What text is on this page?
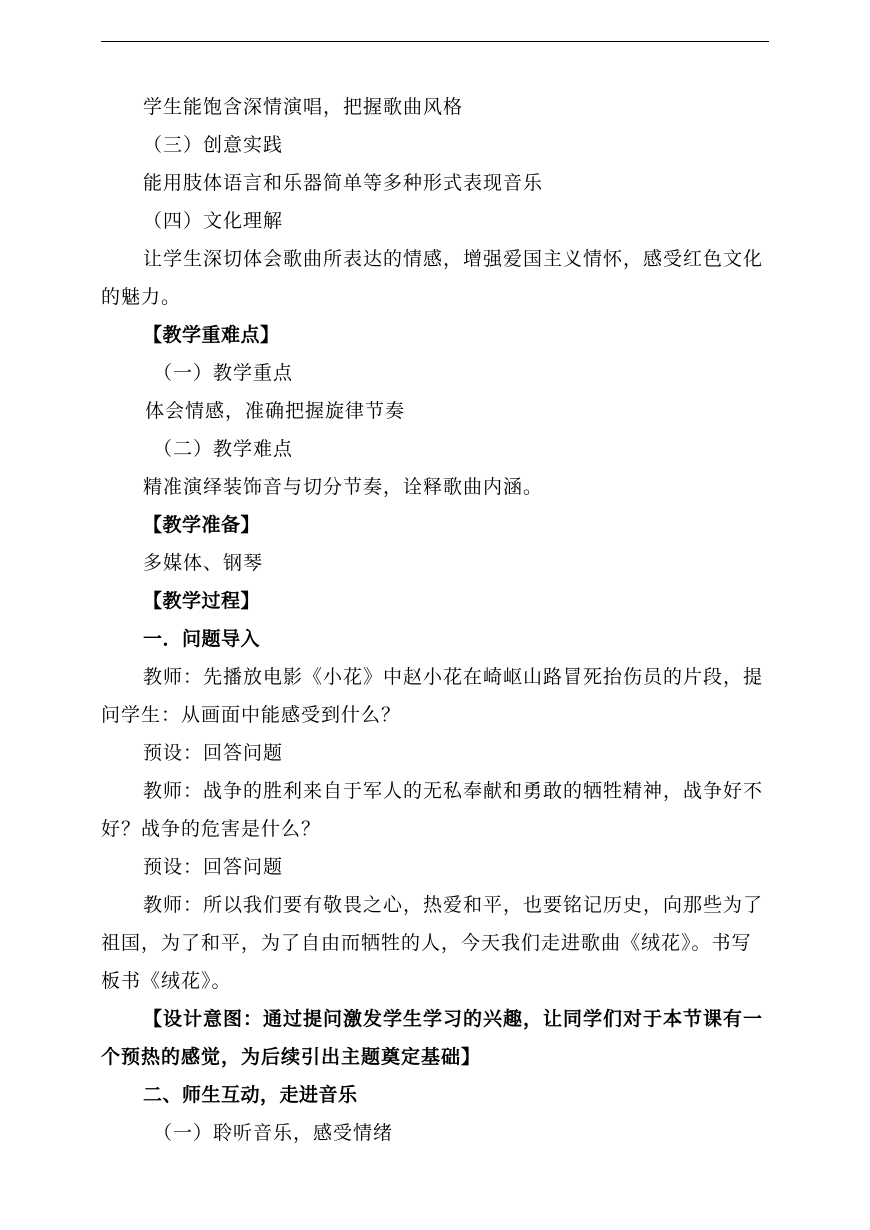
学生能饱含深情演唱，把握歌曲风格
（三）创意实践
能用肢体语言和乐器简单等多种形式表现音乐
（四）文化理解
让学生深切体会歌曲所表达的情感，增强爱国主义情怀，感受红色文化的魅力。
【教学重难点】
（一）教学重点
体会情感，准确把握旋律节奏
（二）教学难点
精准演绎装饰音与切分节奏，诠释歌曲内涵。
【教学准备】
多媒体、钢琴
【教学过程】
一．问题导入
教师：先播放电影《小花》中赵小花在崎岖山路冒死抬伤员的片段，提问学生：从画面中能感受到什么？
预设：回答问题
教师：战争的胜利来自于军人的无私奉献和勇敢的牺牲精神，战争好不好？战争的危害是什么？
预设：回答问题
教师：所以我们要有敬畏之心，热爱和平，也要铭记历史，向那些为了祖国，为了和平，为了自由而牺牲的人，今天我们走进歌曲《绒花》。书写板书《绒花》。
【设计意图：通过提问激发学生学习的兴趣，让同学们对于本节课有一个预热的感觉，为后续引出主题奠定基础】
二、师生互动，走进音乐
（一）聆听音乐，感受情绪
